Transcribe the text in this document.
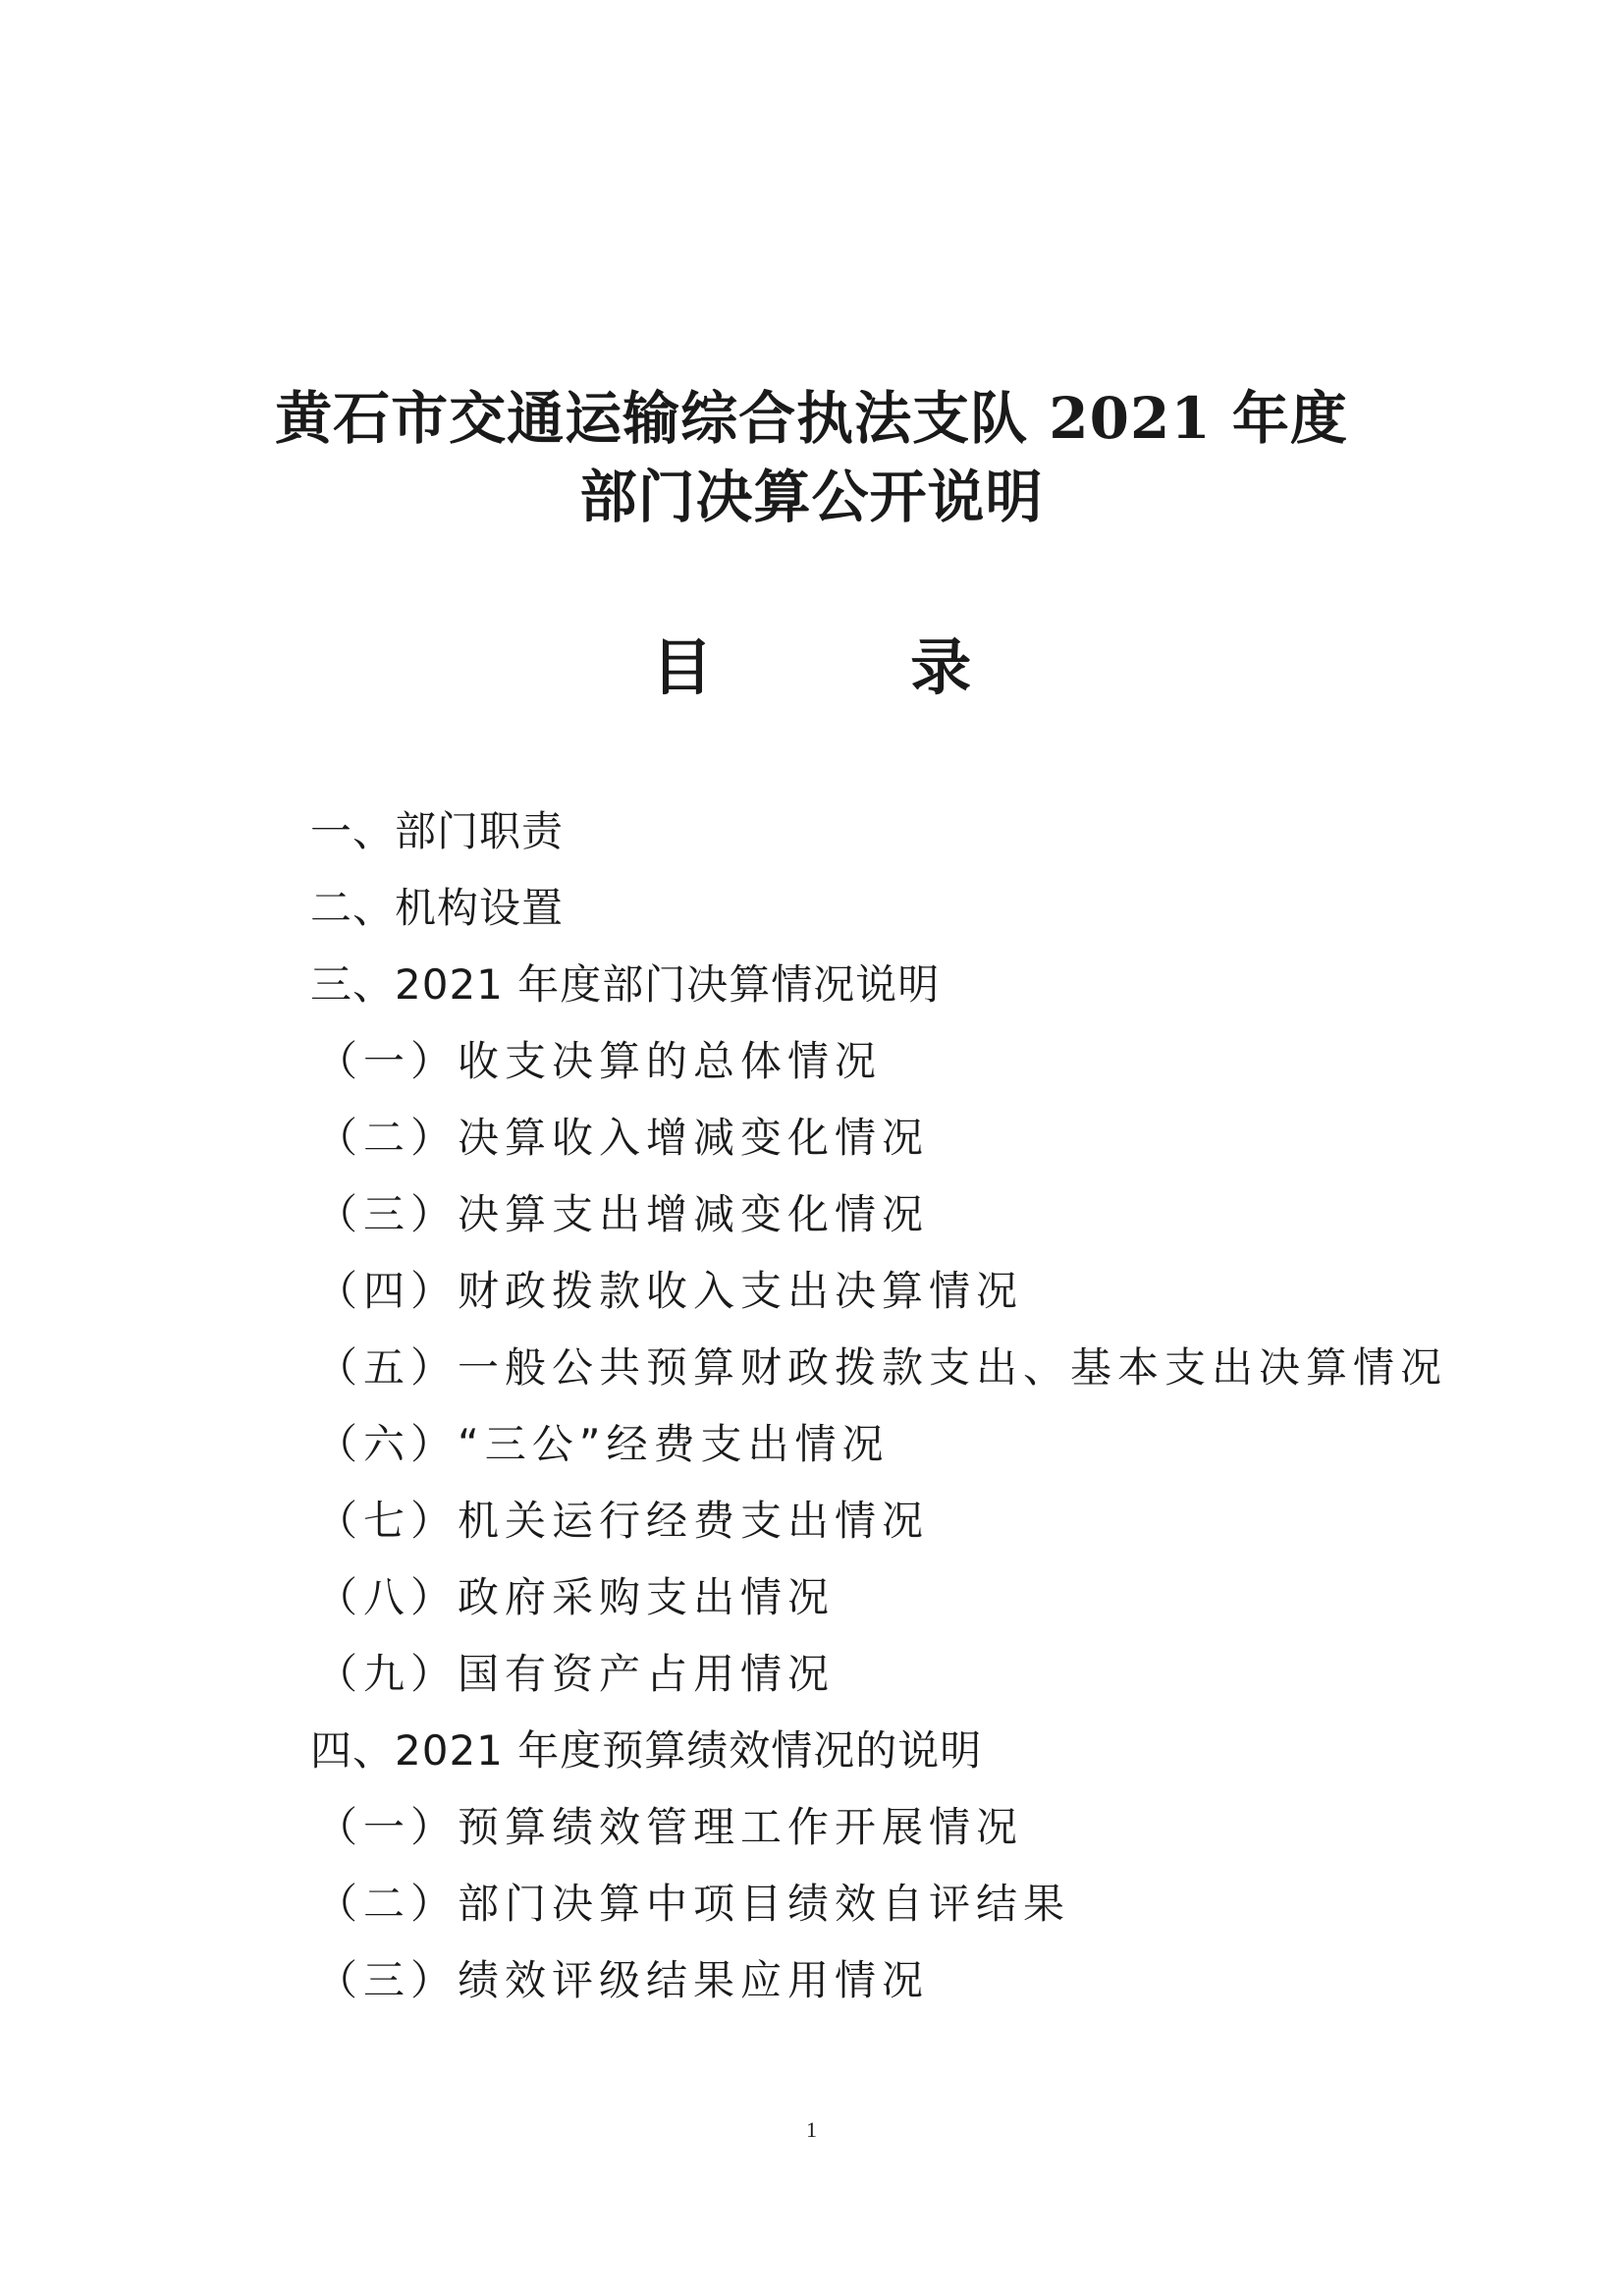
黄石市交通运输综合执法支队 2021 年度
部门决算公开说明
目 录
一、部门职责
二、机构设置
三、2021 年度部门决算情况说明
（一）收支决算的总体情况
（二）决算收入增减变化情况
（三）决算支出增减变化情况
（四）财政拨款收入支出决算情况
（五）一般公共预算财政拨款支出、基本支出决算情况
（六）“三公”经费支出情况
（七）机关运行经费支出情况
（八）政府采购支出情况
（九）国有资产占用情况
四、2021 年度预算绩效情况的说明
（一）预算绩效管理工作开展情况
（二）部门决算中项目绩效自评结果
（三）绩效评级结果应用情况
1
